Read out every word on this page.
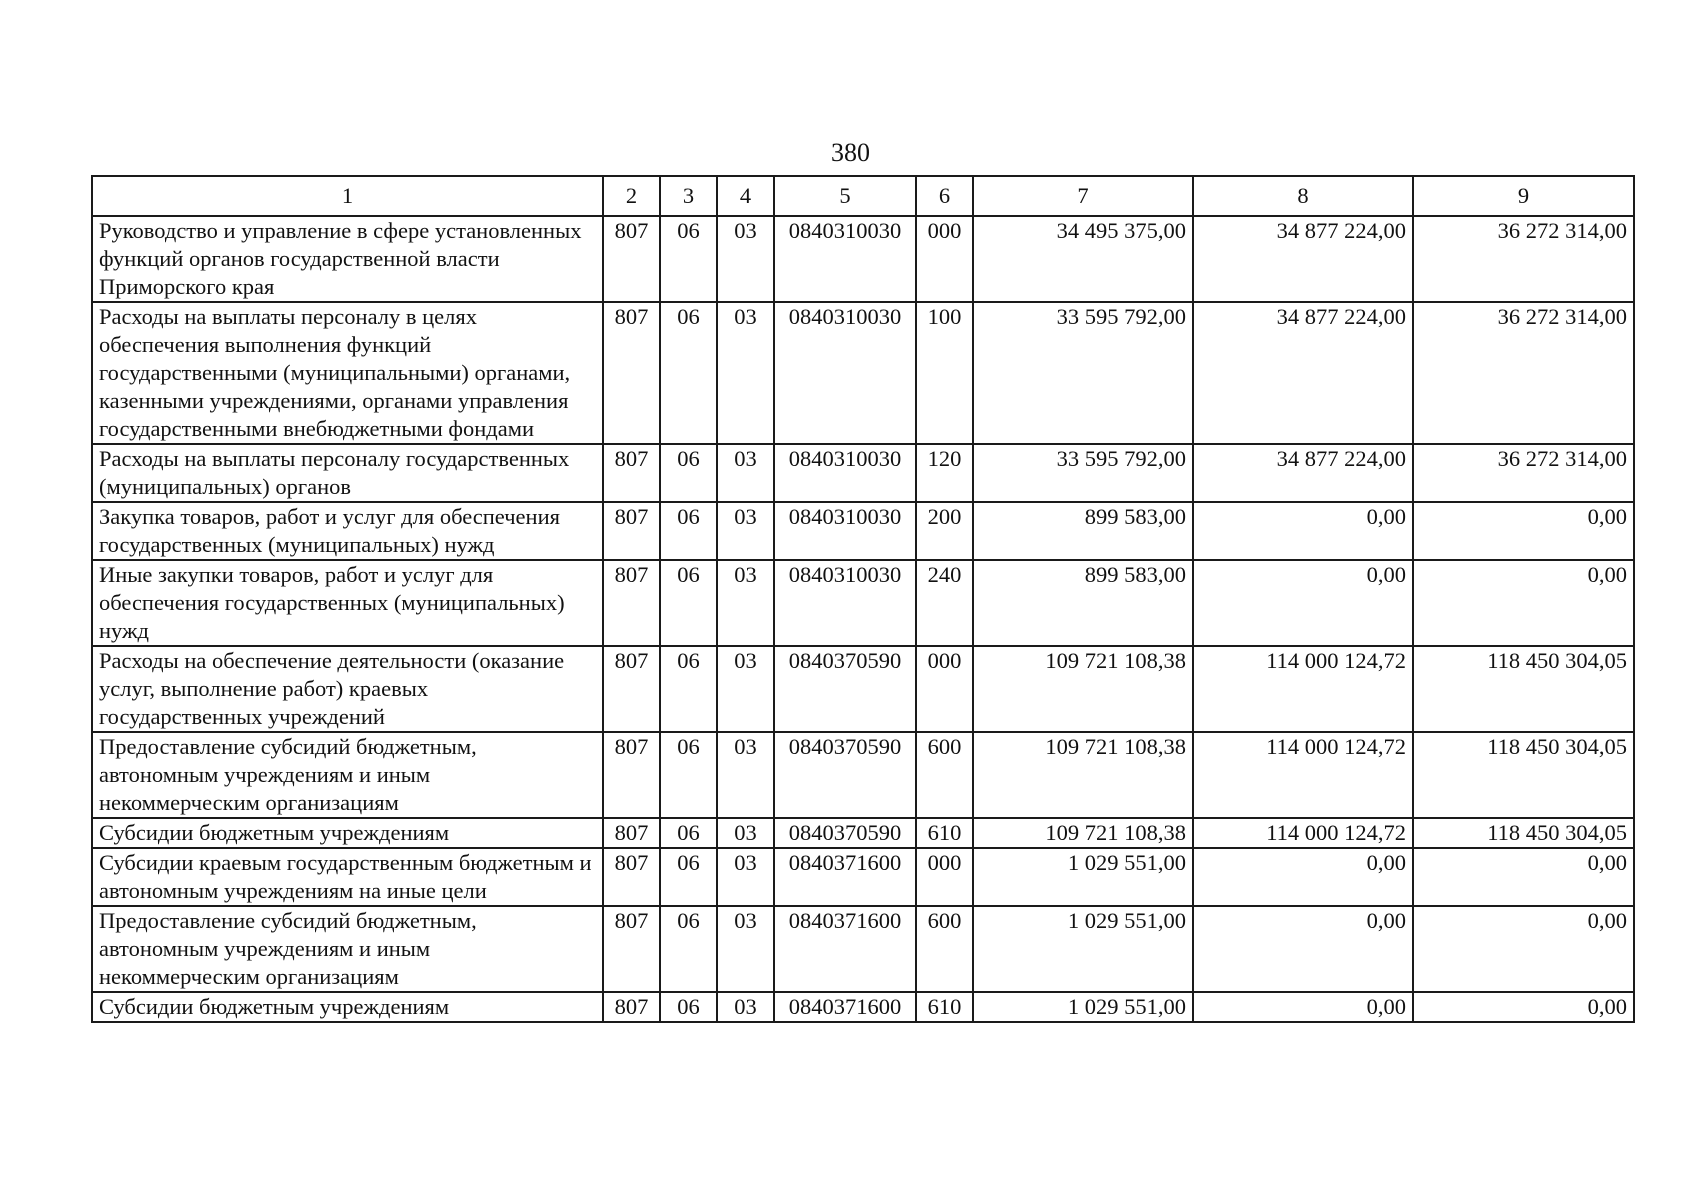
380
1	2	3	4	5	6	7	8	9
Руководство и управление в сфере установленных функций органов государственной власти Приморского края	807	06	03	0840310030	000	34 495 375,00	34 877 224,00	36 272 314,00
Расходы на выплаты персоналу в целях обеспечения выполнения функций государственными (муниципальными) органами, казенными учреждениями, органами управления государственными внебюджетными фондами	807	06	03	0840310030	100	33 595 792,00	34 877 224,00	36 272 314,00
Расходы на выплаты персоналу государственных (муниципальных) органов	807	06	03	0840310030	120	33 595 792,00	34 877 224,00	36 272 314,00
Закупка товаров, работ и услуг для обеспечения государственных (муниципальных) нужд	807	06	03	0840310030	200	899 583,00	0,00	0,00
Иные закупки товаров, работ и услуг для обеспечения государственных (муниципальных) нужд	807	06	03	0840310030	240	899 583,00	0,00	0,00
Расходы на обеспечение деятельности (оказание услуг, выполнение работ) краевых государственных учреждений	807	06	03	0840370590	000	109 721 108,38	114 000 124,72	118 450 304,05
Предоставление субсидий бюджетным, автономным учреждениям и иным некоммерческим организациям	807	06	03	0840370590	600	109 721 108,38	114 000 124,72	118 450 304,05
Субсидии бюджетным учреждениям	807	06	03	0840370590	610	109 721 108,38	114 000 124,72	118 450 304,05
Субсидии краевым государственным бюджетным и автономным учреждениям на иные цели	807	06	03	0840371600	000	1 029 551,00	0,00	0,00
Предоставление субсидий бюджетным, автономным учреждениям и иным некоммерческим организациям	807	06	03	0840371600	600	1 029 551,00	0,00	0,00
Субсидии бюджетным учреждениям	807	06	03	0840371600	610	1 029 551,00	0,00	0,00
